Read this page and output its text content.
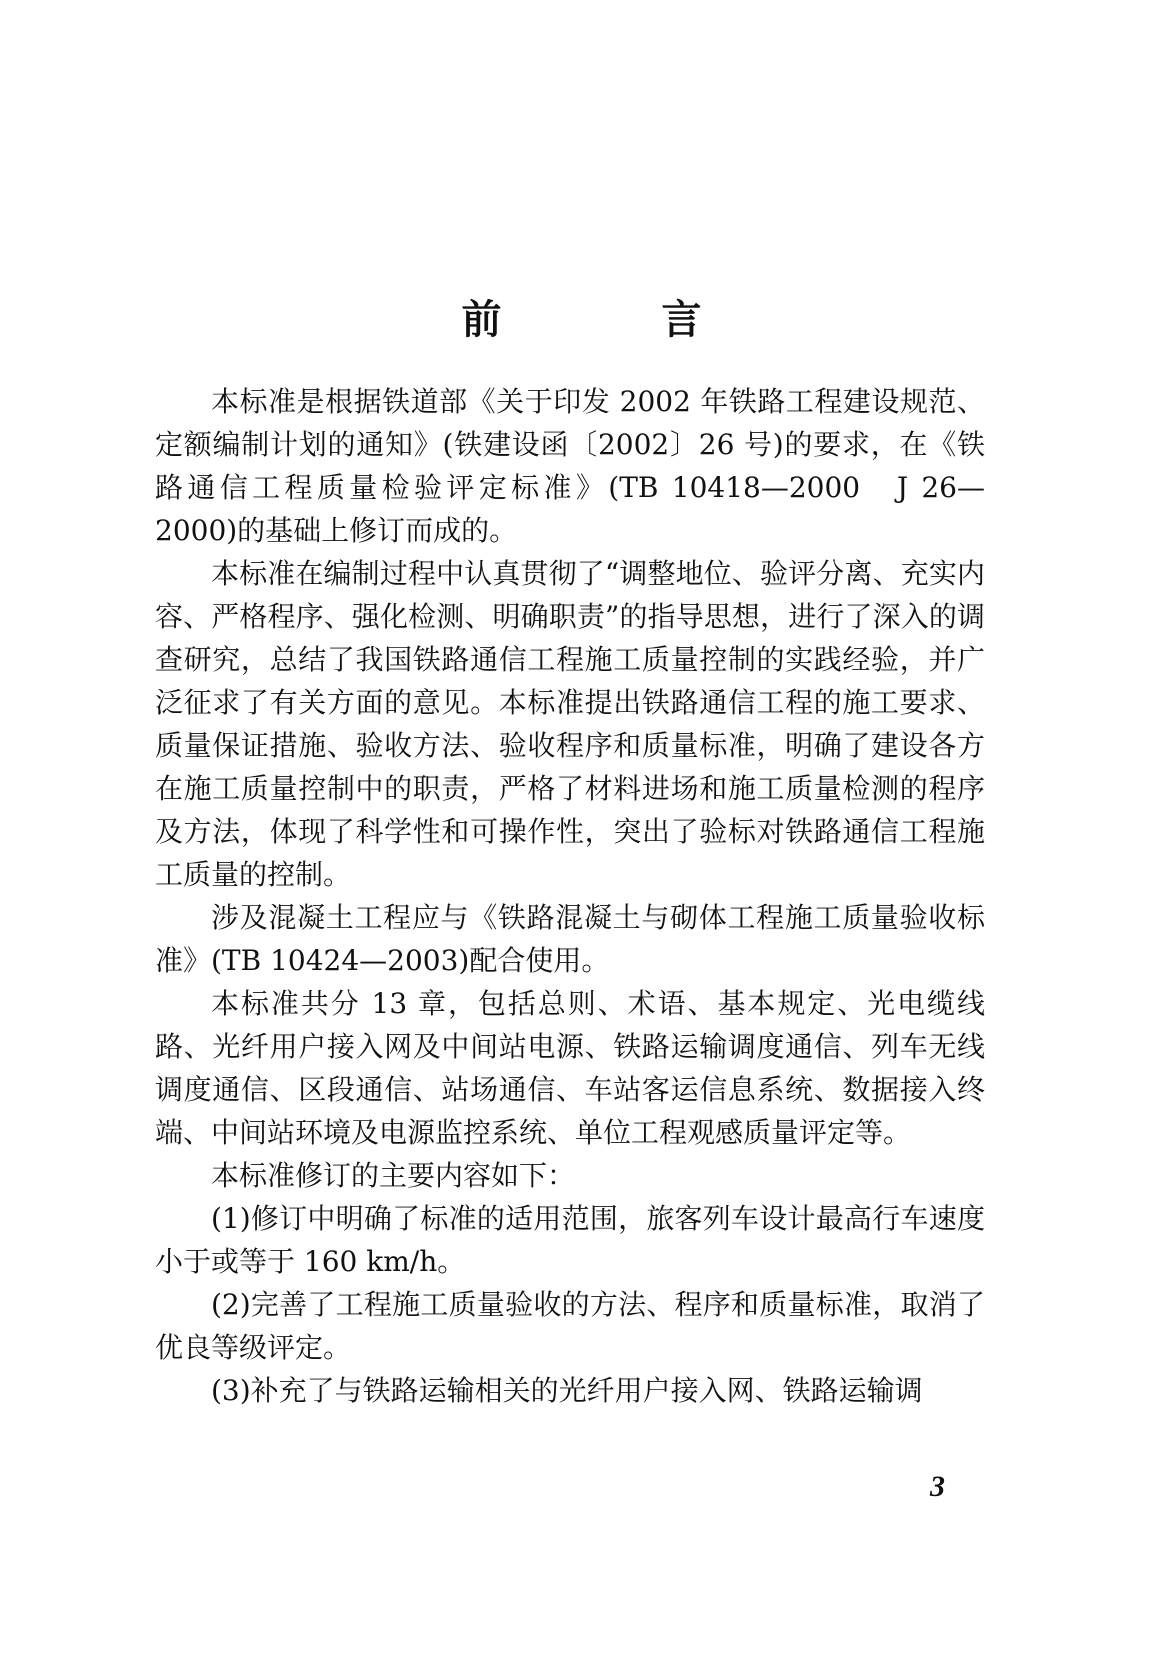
前　言

本标准是根据铁道部《关于印发 2002 年铁路工程建设规范、定额编制计划的通知》(铁建设函〔2002〕26 号)的要求，在《铁路通信工程质量检验评定标准》(TB 10418—2000　J 26—2000)的基础上修订而成的。

本标准在编制过程中认真贯彻了“调整地位、验评分离、充实内容、严格程序、强化检测、明确职责”的指导思想，进行了深入的调查研究，总结了我国铁路通信工程施工质量控制的实践经验，并广泛征求了有关方面的意见。本标准提出铁路通信工程的施工要求、质量保证措施、验收方法、验收程序和质量标准，明确了建设各方在施工质量控制中的职责，严格了材料进场和施工质量检测的程序及方法，体现了科学性和可操作性，突出了验标对铁路通信工程施工质量的控制。

涉及混凝土工程应与《铁路混凝土与砌体工程施工质量验收标准》(TB 10424—2003)配合使用。

本标准共分 13 章，包括总则、术语、基本规定、光电缆线路、光纤用户接入网及中间站电源、铁路运输调度通信、列车无线调度通信、区段通信、站场通信、车站客运信息系统、数据接入终端、中间站环境及电源监控系统、单位工程观感质量评定等。

本标准修订的主要内容如下：

(1)修订中明确了标准的适用范围，旅客列车设计最高行车速度小于或等于 160 km/h。

(2)完善了工程施工质量验收的方法、程序和质量标准，取消了优良等级评定。

(3)补充了与铁路运输相关的光纤用户接入网、铁路运输调

3
